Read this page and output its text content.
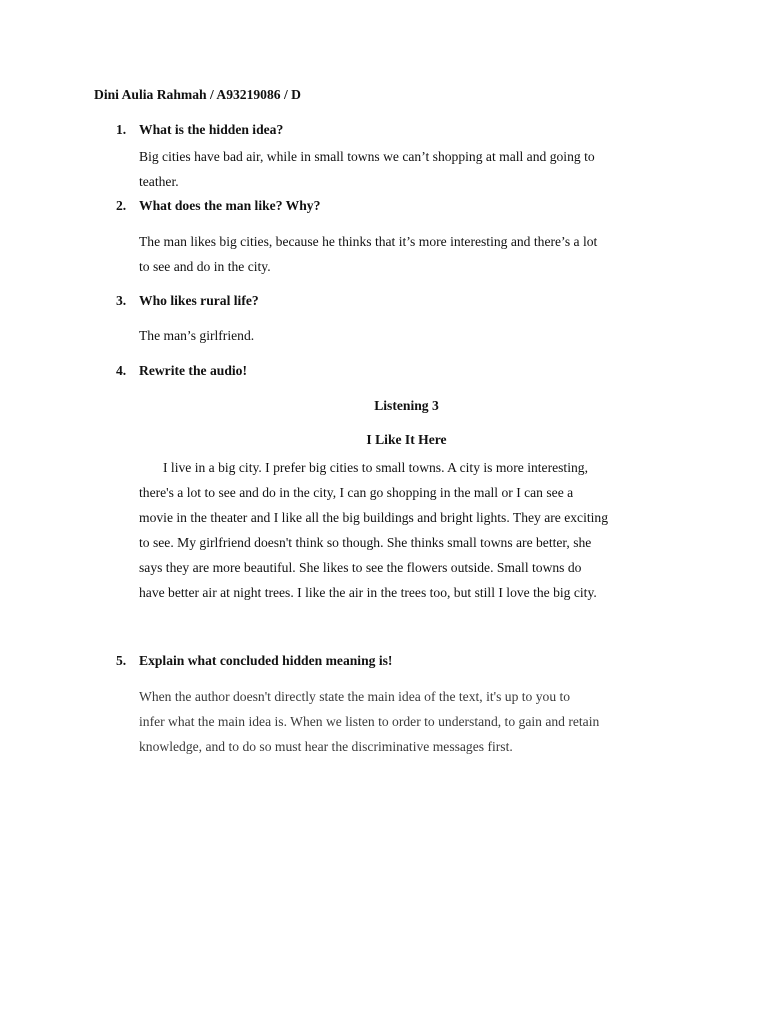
Dini Aulia Rahmah / A93219086 / D
1. What is the hidden idea?
Big cities have bad air, while in small towns we can’t shopping at mall and going to
teather.
2. What does the man like? Why?
The man likes big cities, because he thinks that it’s more interesting and there’s a lot
to see and do in the city.
3. Who likes rural life?
The man’s girlfriend.
4. Rewrite the audio!
Listening 3
I Like It Here
I live in a big city. I prefer big cities to small towns. A city is more interesting,
there's a lot to see and do in the city, I can go shopping in the mall or I can see a
movie in the theater and I like all the big buildings and bright lights. They are exciting
to see. My girlfriend doesn't think so though. She thinks small towns are better, she
says they are more beautiful. She likes to see the flowers outside. Small towns do
have better air at night trees. I like the air in the trees too, but still I love the big city.
5. Explain what concluded hidden meaning is!
When the author doesn't directly state the main idea of the text, it's up to you to
infer what the main idea is. When we listen to order to understand, to gain and retain
knowledge, and to do so must hear the discriminative messages first.
